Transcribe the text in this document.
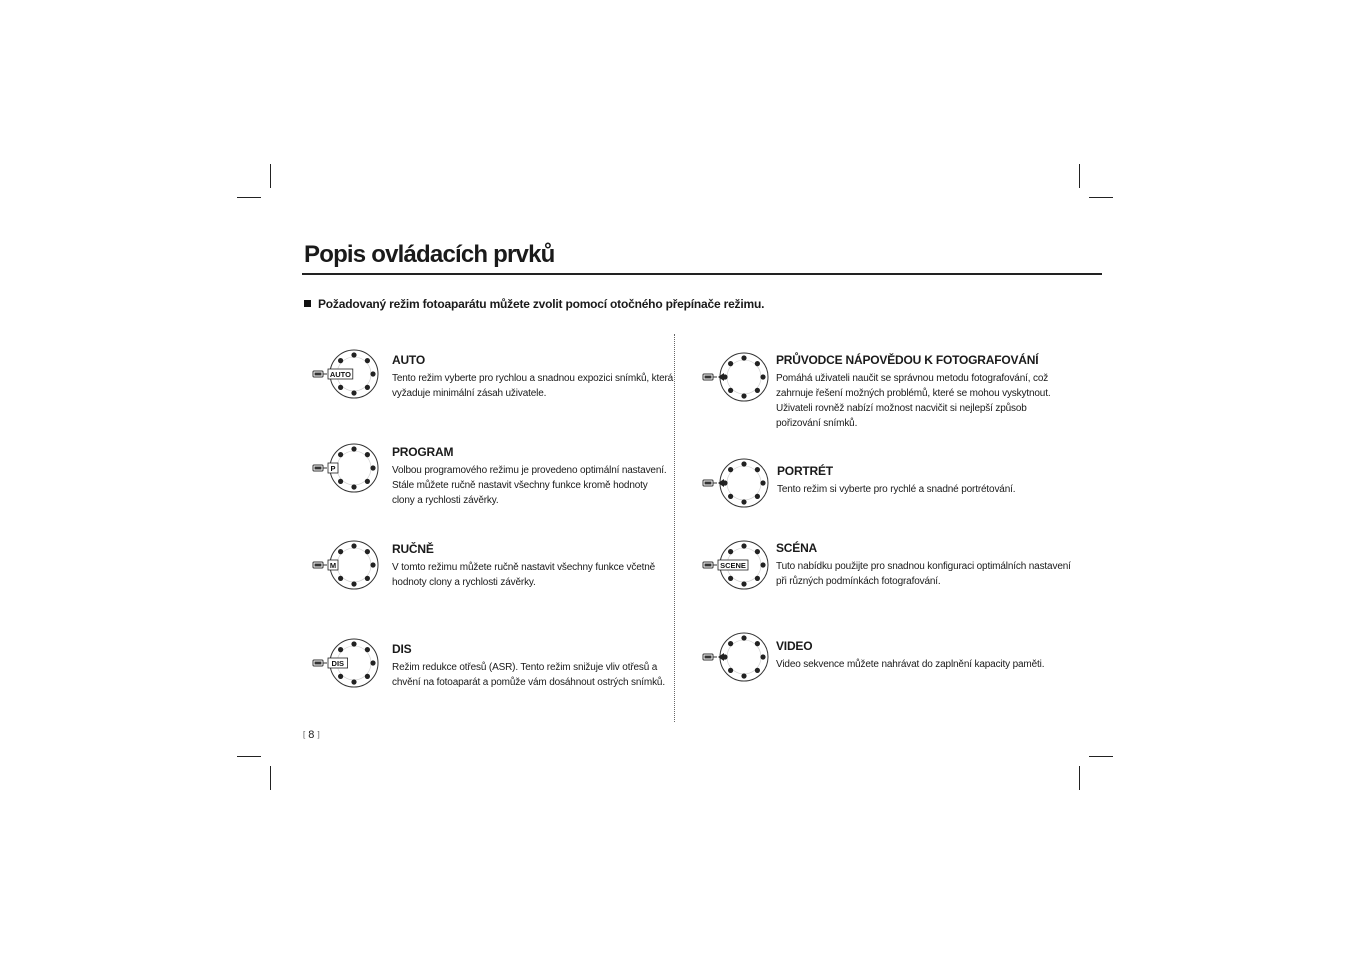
Popis ovládacích prvků
Požadovaný režim fotoaparátu můžete zvolit pomocí otočného přepínače režimu.
AUTO
AUTO

Tento režim vyberte pro rychlou a snadnou expozici snímků, která vyžaduje minimální zásah uživatele.

P
PROGRAM

Volbou programového režimu je provedeno optimální nastavení. Stále můžete ručně nastavit všechny funkce kromě hodnoty clony a rychlosti závěrky.

M
RUČNĚ

V tomto režimu můžete ručně nastavit všechny funkce včetně hodnoty clony a rychlosti závěrky.

DIS
DIS

Režim redukce otřesů (ASR). Tento režim snižuje vliv otřesů a chvění na fotoaparát a pomůže vám dosáhnout ostrých snímků.

PRŮVODCE NÁPOVĚDOU K FOTOGRAFOVÁNÍ

Pomáhá uživateli naučit se správnou metodu fotografování, což zahrnuje řešení možných problémů, které se mohou vyskytnout. Uživateli rovněž nabízí možnost nacvičit si nejlepší způsob pořizování snímků.

PORTRÉT

Tento režim si vyberte pro rychlé a snadné portrétování.

SCENE
SCÉNA

Tuto nabídku použijte pro snadnou konfiguraci optimálních nastavení při různých podmínkách fotografování.

VIDEO

Video sekvence můžete nahrávat do zaplnění kapacity paměti.

[ 8 ]
